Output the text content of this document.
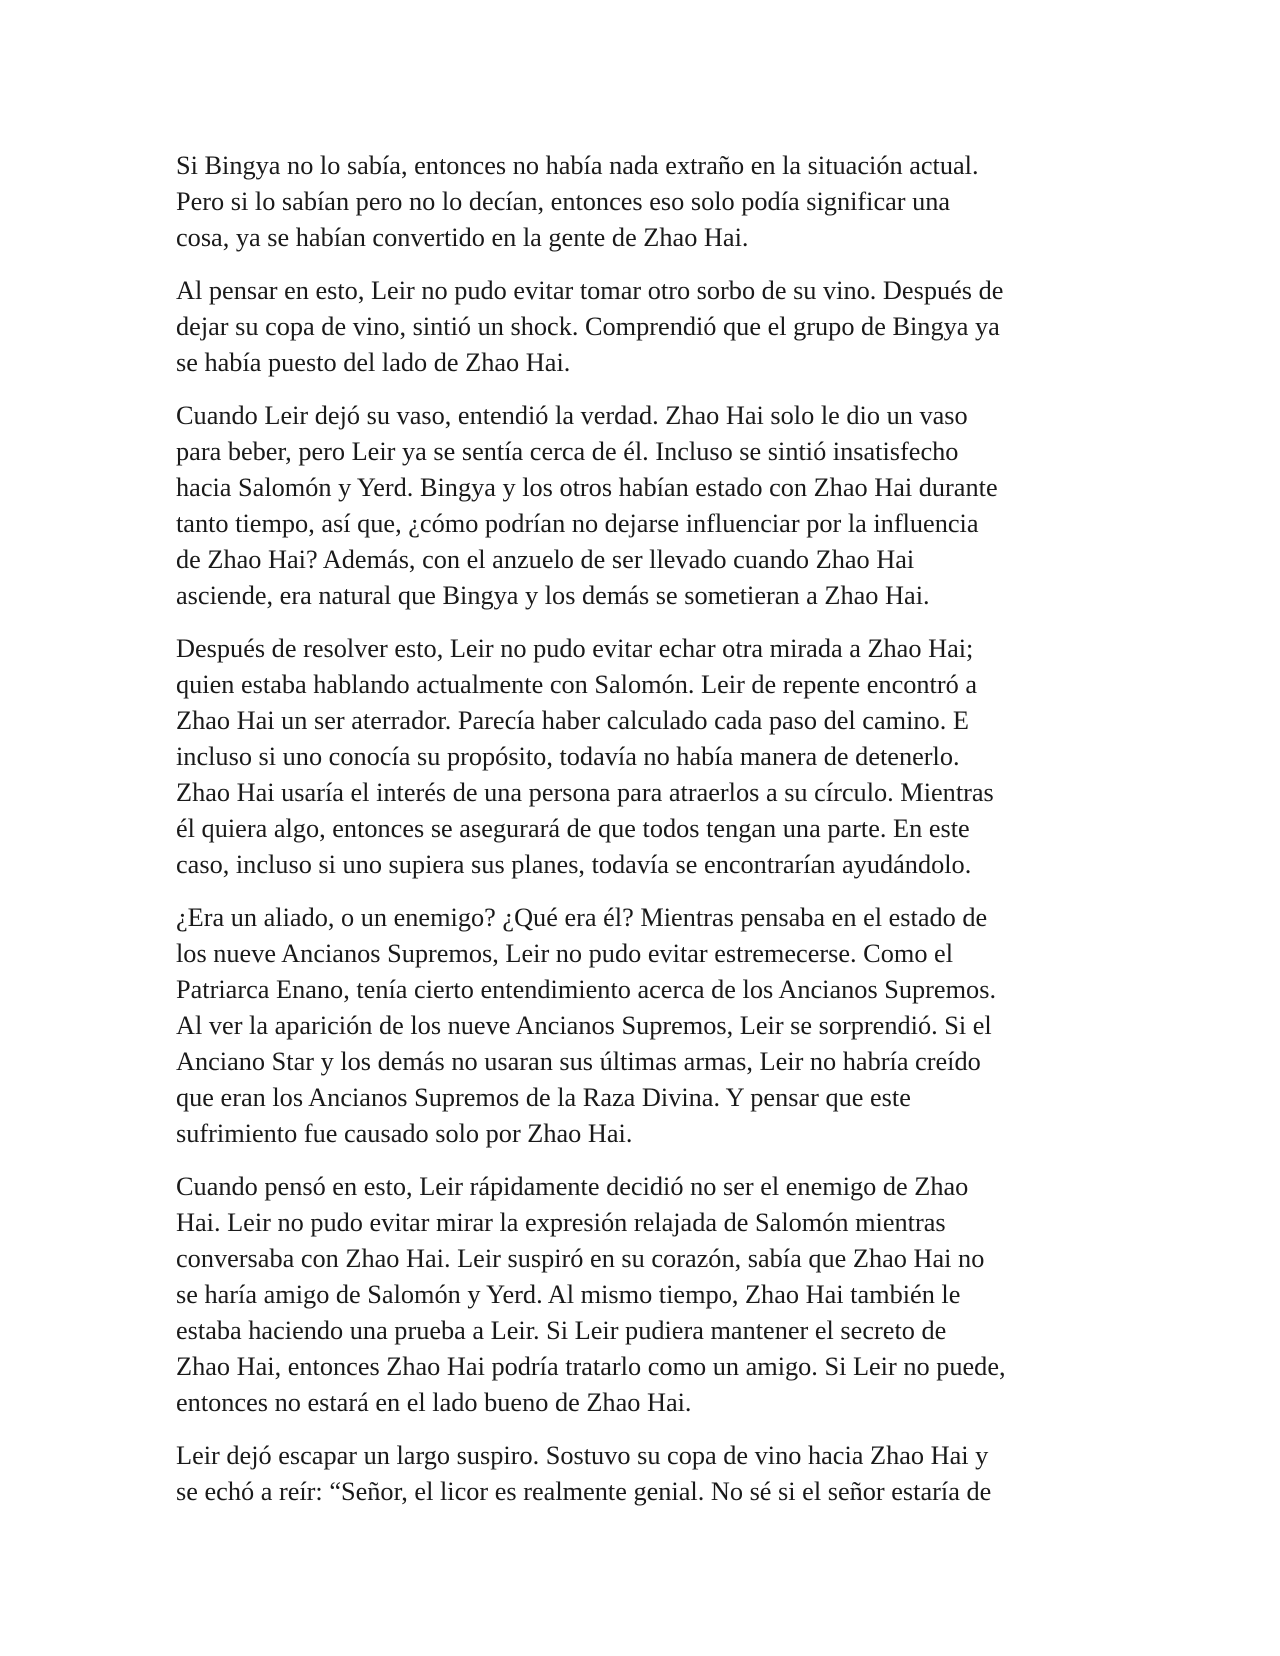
Si Bingya no lo sabía, entonces no había nada extraño en la situación actual.
Pero si lo sabían pero no lo decían, entonces eso solo podía significar una
cosa, ya se habían convertido en la gente de Zhao Hai.

Al pensar en esto, Leir no pudo evitar tomar otro sorbo de su vino. Después de
dejar su copa de vino, sintió un shock. Comprendió que el grupo de Bingya ya
se había puesto del lado de Zhao Hai.

Cuando Leir dejó su vaso, entendió la verdad. Zhao Hai solo le dio un vaso
para beber, pero Leir ya se sentía cerca de él. Incluso se sintió insatisfecho
hacia Salomón y Yerd. Bingya y los otros habían estado con Zhao Hai durante
tanto tiempo, así que, ¿cómo podrían no dejarse influenciar por la influencia
de Zhao Hai? Además, con el anzuelo de ser llevado cuando Zhao Hai
asciende, era natural que Bingya y los demás se sometieran a Zhao Hai.

Después de resolver esto, Leir no pudo evitar echar otra mirada a Zhao Hai;
quien estaba hablando actualmente con Salomón. Leir de repente encontró a
Zhao Hai un ser aterrador. Parecía haber calculado cada paso del camino. E
incluso si uno conocía su propósito, todavía no había manera de detenerlo.
Zhao Hai usaría el interés de una persona para atraerlos a su círculo. Mientras
él quiera algo, entonces se asegurará de que todos tengan una parte. En este
caso, incluso si uno supiera sus planes, todavía se encontrarían ayudándolo.

¿Era un aliado, o un enemigo? ¿Qué era él? Mientras pensaba en el estado de
los nueve Ancianos Supremos, Leir no pudo evitar estremecerse. Como el
Patriarca Enano, tenía cierto entendimiento acerca de los Ancianos Supremos.
Al ver la aparición de los nueve Ancianos Supremos, Leir se sorprendió. Si el
Anciano Star y los demás no usaran sus últimas armas, Leir no habría creído
que eran los Ancianos Supremos de la Raza Divina. Y pensar que este
sufrimiento fue causado solo por Zhao Hai.

Cuando pensó en esto, Leir rápidamente decidió no ser el enemigo de Zhao
Hai. Leir no pudo evitar mirar la expresión relajada de Salomón mientras
conversaba con Zhao Hai. Leir suspiró en su corazón, sabía que Zhao Hai no
se haría amigo de Salomón y Yerd. Al mismo tiempo, Zhao Hai también le
estaba haciendo una prueba a Leir. Si Leir pudiera mantener el secreto de
Zhao Hai, entonces Zhao Hai podría tratarlo como un amigo. Si Leir no puede,
entonces no estará en el lado bueno de Zhao Hai.

Leir dejó escapar un largo suspiro. Sostuvo su copa de vino hacia Zhao Hai y
se echó a reír: “Señor, el licor es realmente genial. No sé si el señor estaría de
